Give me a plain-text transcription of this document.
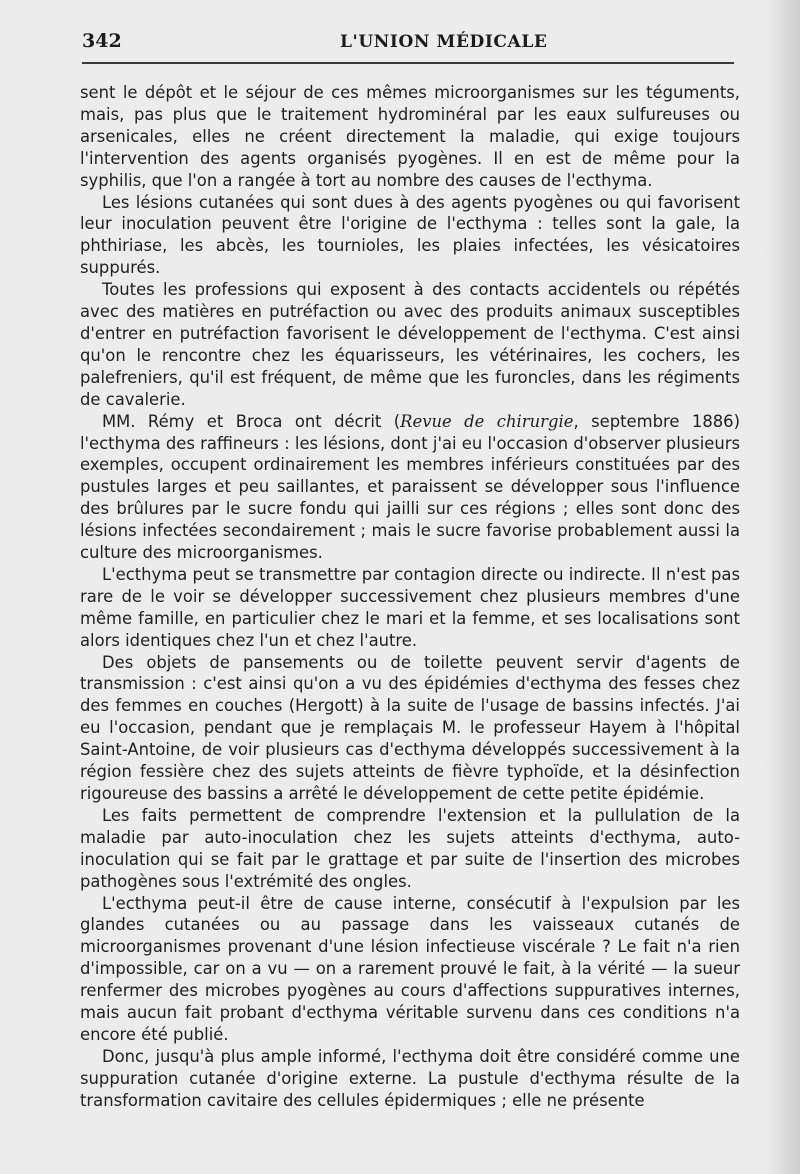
342	L'UNION MÉDICALE

sent le dépôt et le séjour de ces mêmes microorganismes sur les téguments, mais, pas plus que le traitement hydrominéral par les eaux sulfureuses ou arsenicales, elles ne créent directement la maladie, qui exige toujours l'intervention des agents organisés pyogènes. Il en est de même pour la syphilis, que l'on a rangée à tort au nombre des causes de l'ecthyma.

Les lésions cutanées qui sont dues à des agents pyogènes ou qui favorisent leur inoculation peuvent être l'origine de l'ecthyma : telles sont la gale, la phthiriase, les abcès, les tournioles, les plaies infectées, les vésicatoires suppurés.

Toutes les professions qui exposent à des contacts accidentels ou répétés avec des matières en putréfaction ou avec des produits animaux susceptibles d'entrer en putréfaction favorisent le développement de l'ecthyma. C'est ainsi qu'on le rencontre chez les équarisseurs, les vétérinaires, les cochers, les palefreniers, qu'il est fréquent, de même que les furoncles, dans les régiments de cavalerie.

MM. Rémy et Broca ont décrit (Revue de chirurgie, septembre 1886) l'ecthyma des raffineurs : les lésions, dont j'ai eu l'occasion d'observer plusieurs exemples, occupent ordinairement les membres inférieurs constituées par des pustules larges et peu saillantes, et paraissent se développer sous l'influence des brûlures par le sucre fondu qui jailli sur ces régions ; elles sont donc des lésions infectées secondairement ; mais le sucre favorise probablement aussi la culture des microorganismes.

L'ecthyma peut se transmettre par contagion directe ou indirecte. Il n'est pas rare de le voir se développer successivement chez plusieurs membres d'une même famille, en particulier chez le mari et la femme, et ses localisations sont alors identiques chez l'un et chez l'autre.

Des objets de pansements ou de toilette peuvent servir d'agents de transmission : c'est ainsi qu'on a vu des épidémies d'ecthyma des fesses chez des femmes en couches (Hergott) à la suite de l'usage de bassins infectés. J'ai eu l'occasion, pendant que je remplaçais M. le professeur Hayem à l'hôpital Saint-Antoine, de voir plusieurs cas d'ecthyma développés successivement à la région fessière chez des sujets atteints de fièvre typhoïde, et la désinfection rigoureuse des bassins a arrêté le développement de cette petite épidémie.

Les faits permettent de comprendre l'extension et la pullulation de la maladie par auto-inoculation chez les sujets atteints d'ecthyma, auto-inoculation qui se fait par le grattage et par suite de l'insertion des microbes pathogènes sous l'extrémité des ongles.

L'ecthyma peut-il être de cause interne, consécutif à l'expulsion par les glandes cutanées ou au passage dans les vaisseaux cutanés de microorganismes provenant d'une lésion infectieuse viscérale ? Le fait n'a rien d'impossible, car on a vu — on a rarement prouvé le fait, à la vérité — la sueur renfermer des microbes pyogènes au cours d'affections suppuratives internes, mais aucun fait probant d'ecthyma véritable survenu dans ces conditions n'a encore été publié.

Donc, jusqu'à plus ample informé, l'ecthyma doit être considéré comme une suppuration cutanée d'origine externe. La pustule d'ecthyma résulte de la transformation cavitaire des cellules épidermiques ; elle ne présente
